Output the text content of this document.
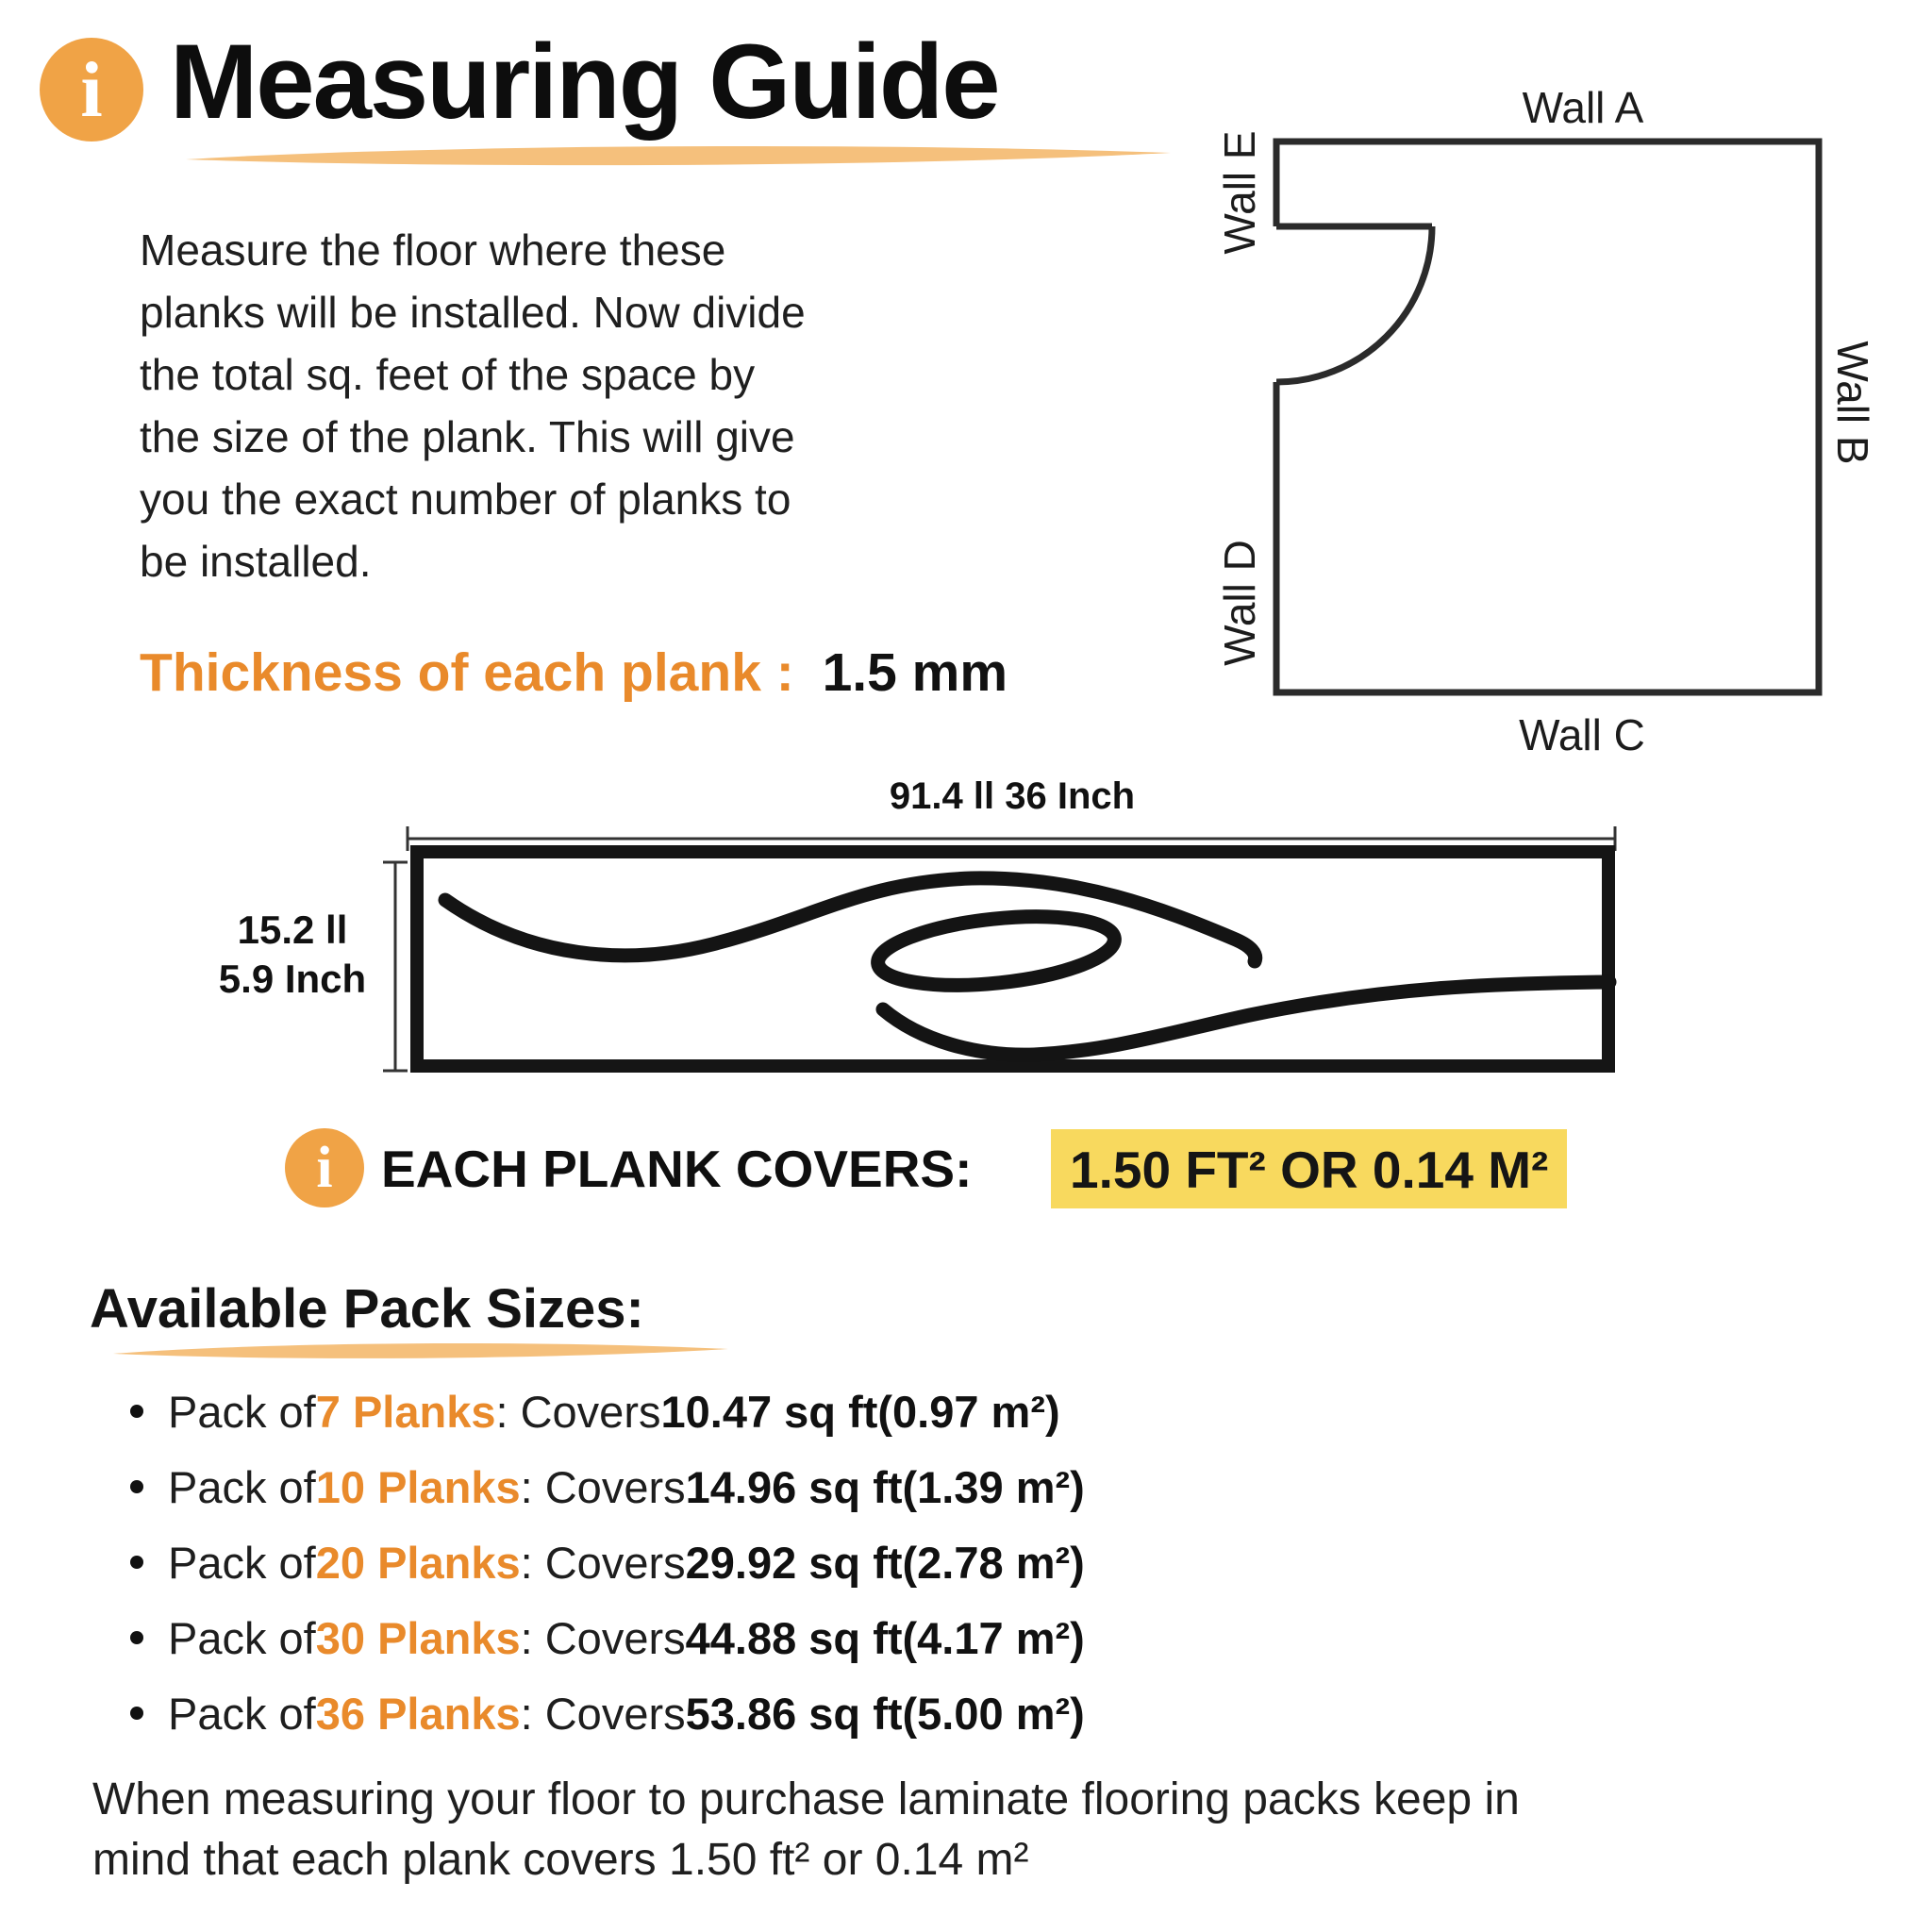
i Measuring Guide
Measure the floor where these
planks will be installed. Now divide
the total sq. feet of the space by
the size of the plank. This will give
you the exact number of planks to
be installed.
Thickness of each plank : 1.5 mm
Wall A
Wall B
Wall C
Wall D
Wall E
91.4 ll 36 Inch
15.2 ll
5.9 Inch
i EACH PLANK COVERS:	1.50 FT² OR 0.14 M²
Available Pack Sizes:
Pack of 7 Planks : Covers 10.47 sq ft (0.97 m²)
Pack of 10 Planks : Covers 14.96 sq ft (1.39 m²)
Pack of 20 Planks : Covers 29.92 sq ft (2.78 m²)
Pack of 30 Planks : Covers 44.88 sq ft (4.17 m²)
Pack of 36 Planks : Covers 53.86 sq ft (5.00 m²)
When measuring your floor to purchase laminate flooring packs keep in
mind that each plank covers 1.50 ft² or 0.14 m²
